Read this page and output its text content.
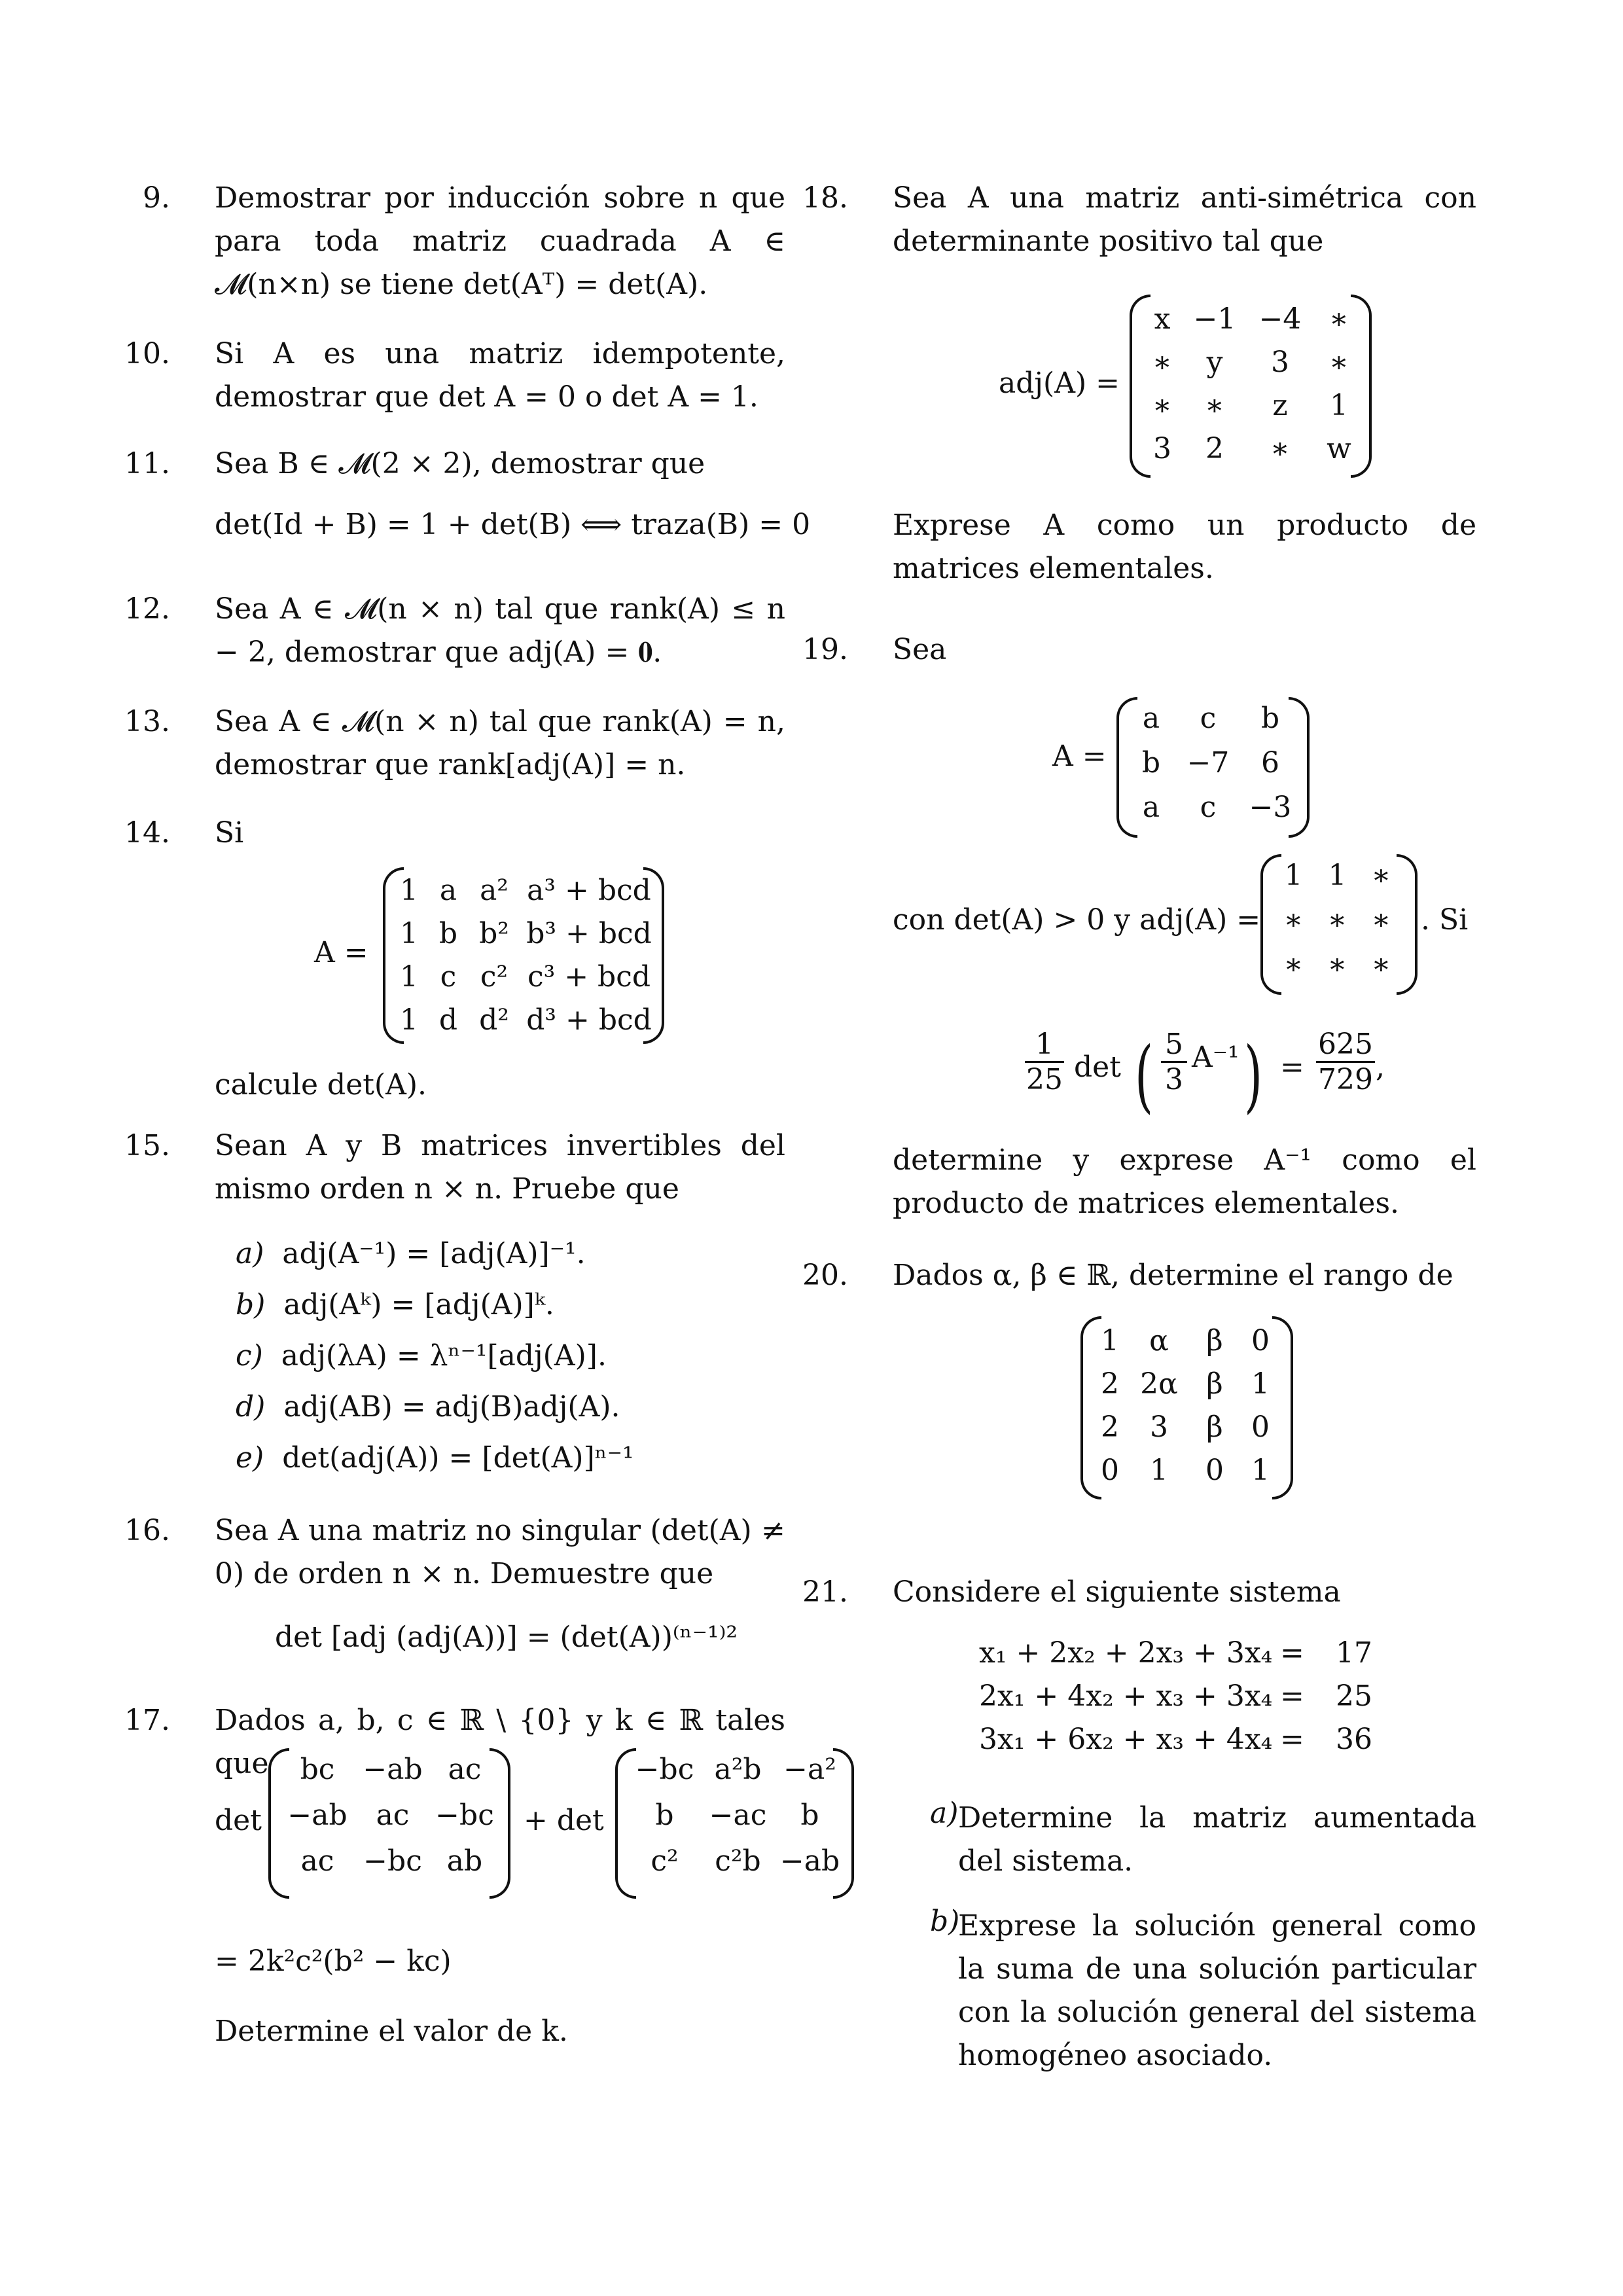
9. Demostrar por inducción sobre n que para toda matriz cuadrada A ∈ 𝓜(n×n) se tiene det(Aᵀ) = det(A).
10. Si A es una matriz idempotente, demostrar que det A = 0 o det A = 1.
11. Sea B ∈ 𝓜(2 × 2), demostrar que
det(Id + B) = 1 + det(B) ⟺ traza(B) = 0
12. Sea A ∈ 𝓜(n × n) tal que rank(A) ≤ n − 2, demostrar que adj(A) = 𝟎.
13. Sea A ∈ 𝓜(n × n) tal que rank(A) = n, demostrar que rank[adj(A)] = n.
14. Si
A =
1 a a² a³ + bcd
1 b b² b³ + bcd
1 c c² c³ + bcd
1 d d² d³ + bcd
calcule det(A).
15. Sean A y B matrices invertibles del mismo orden n × n. Pruebe que
a) adj(A⁻¹) = [adj(A)]⁻¹.
b) adj(Aᵏ) = [adj(A)]ᵏ.
c) adj(λA) = λⁿ⁻¹[adj(A)].
d) adj(AB) = adj(B)adj(A).
e) det(adj(A)) = [det(A)]ⁿ⁻¹
16. Sea A una matriz no singular (det(A) ≠ 0) de orden n × n. Demuestre que
det [adj (adj(A))] = (det(A))⁽ⁿ⁻¹⁾²
17. Dados a, b, c ∈ ℝ \ {0} y k ∈ ℝ tales que
det
bc −ab ac
−ab ac −bc
ac	−bc ab
+ det
−bc a²b −a²
b	−ac	b
c²	c²b −ab
= 2k²c²(b² − kc)
Determine el valor de k.
18. Sea A una matriz anti-simétrica con determinante positivo tal que
adj(A) =
x −1 −4 ∗
∗	y	3	∗
∗	∗	z	1
3	2	∗	w
Exprese A como un producto de matrices elementales.
19. Sea
A =
a	c	b
b −7	6
a	c	−3
con det(A) > 0 y adj(A) =
1 1 ∗
∗ ∗ ∗
∗ ∗ ∗
. Si
$\frac{1}{25}$ det ( $\frac{5}{3} A^{-1}$ ) = $\frac{625}{729}$ ,
determine y exprese A⁻¹ como el producto de matrices elementales.
20. Dados α, β ∈ ℝ, determine el rango de
1	α	β 0
2 2α β 1
2	3	β 0
0	1	0 1
21. Considere el siguiente sistema
x₁ + 2x₂ + 2x₃ + 3x₄ = 17
2x₁ + 4x₂ + x₃ + 3x₄ = 25
3x₁ + 6x₂ + x₃ + 4x₄ = 36
a) Determine la matriz aumentada del sistema.
b)
Exprese la solución general como la suma de una solución particular con la solución general del sistema homogéneo asociado.
